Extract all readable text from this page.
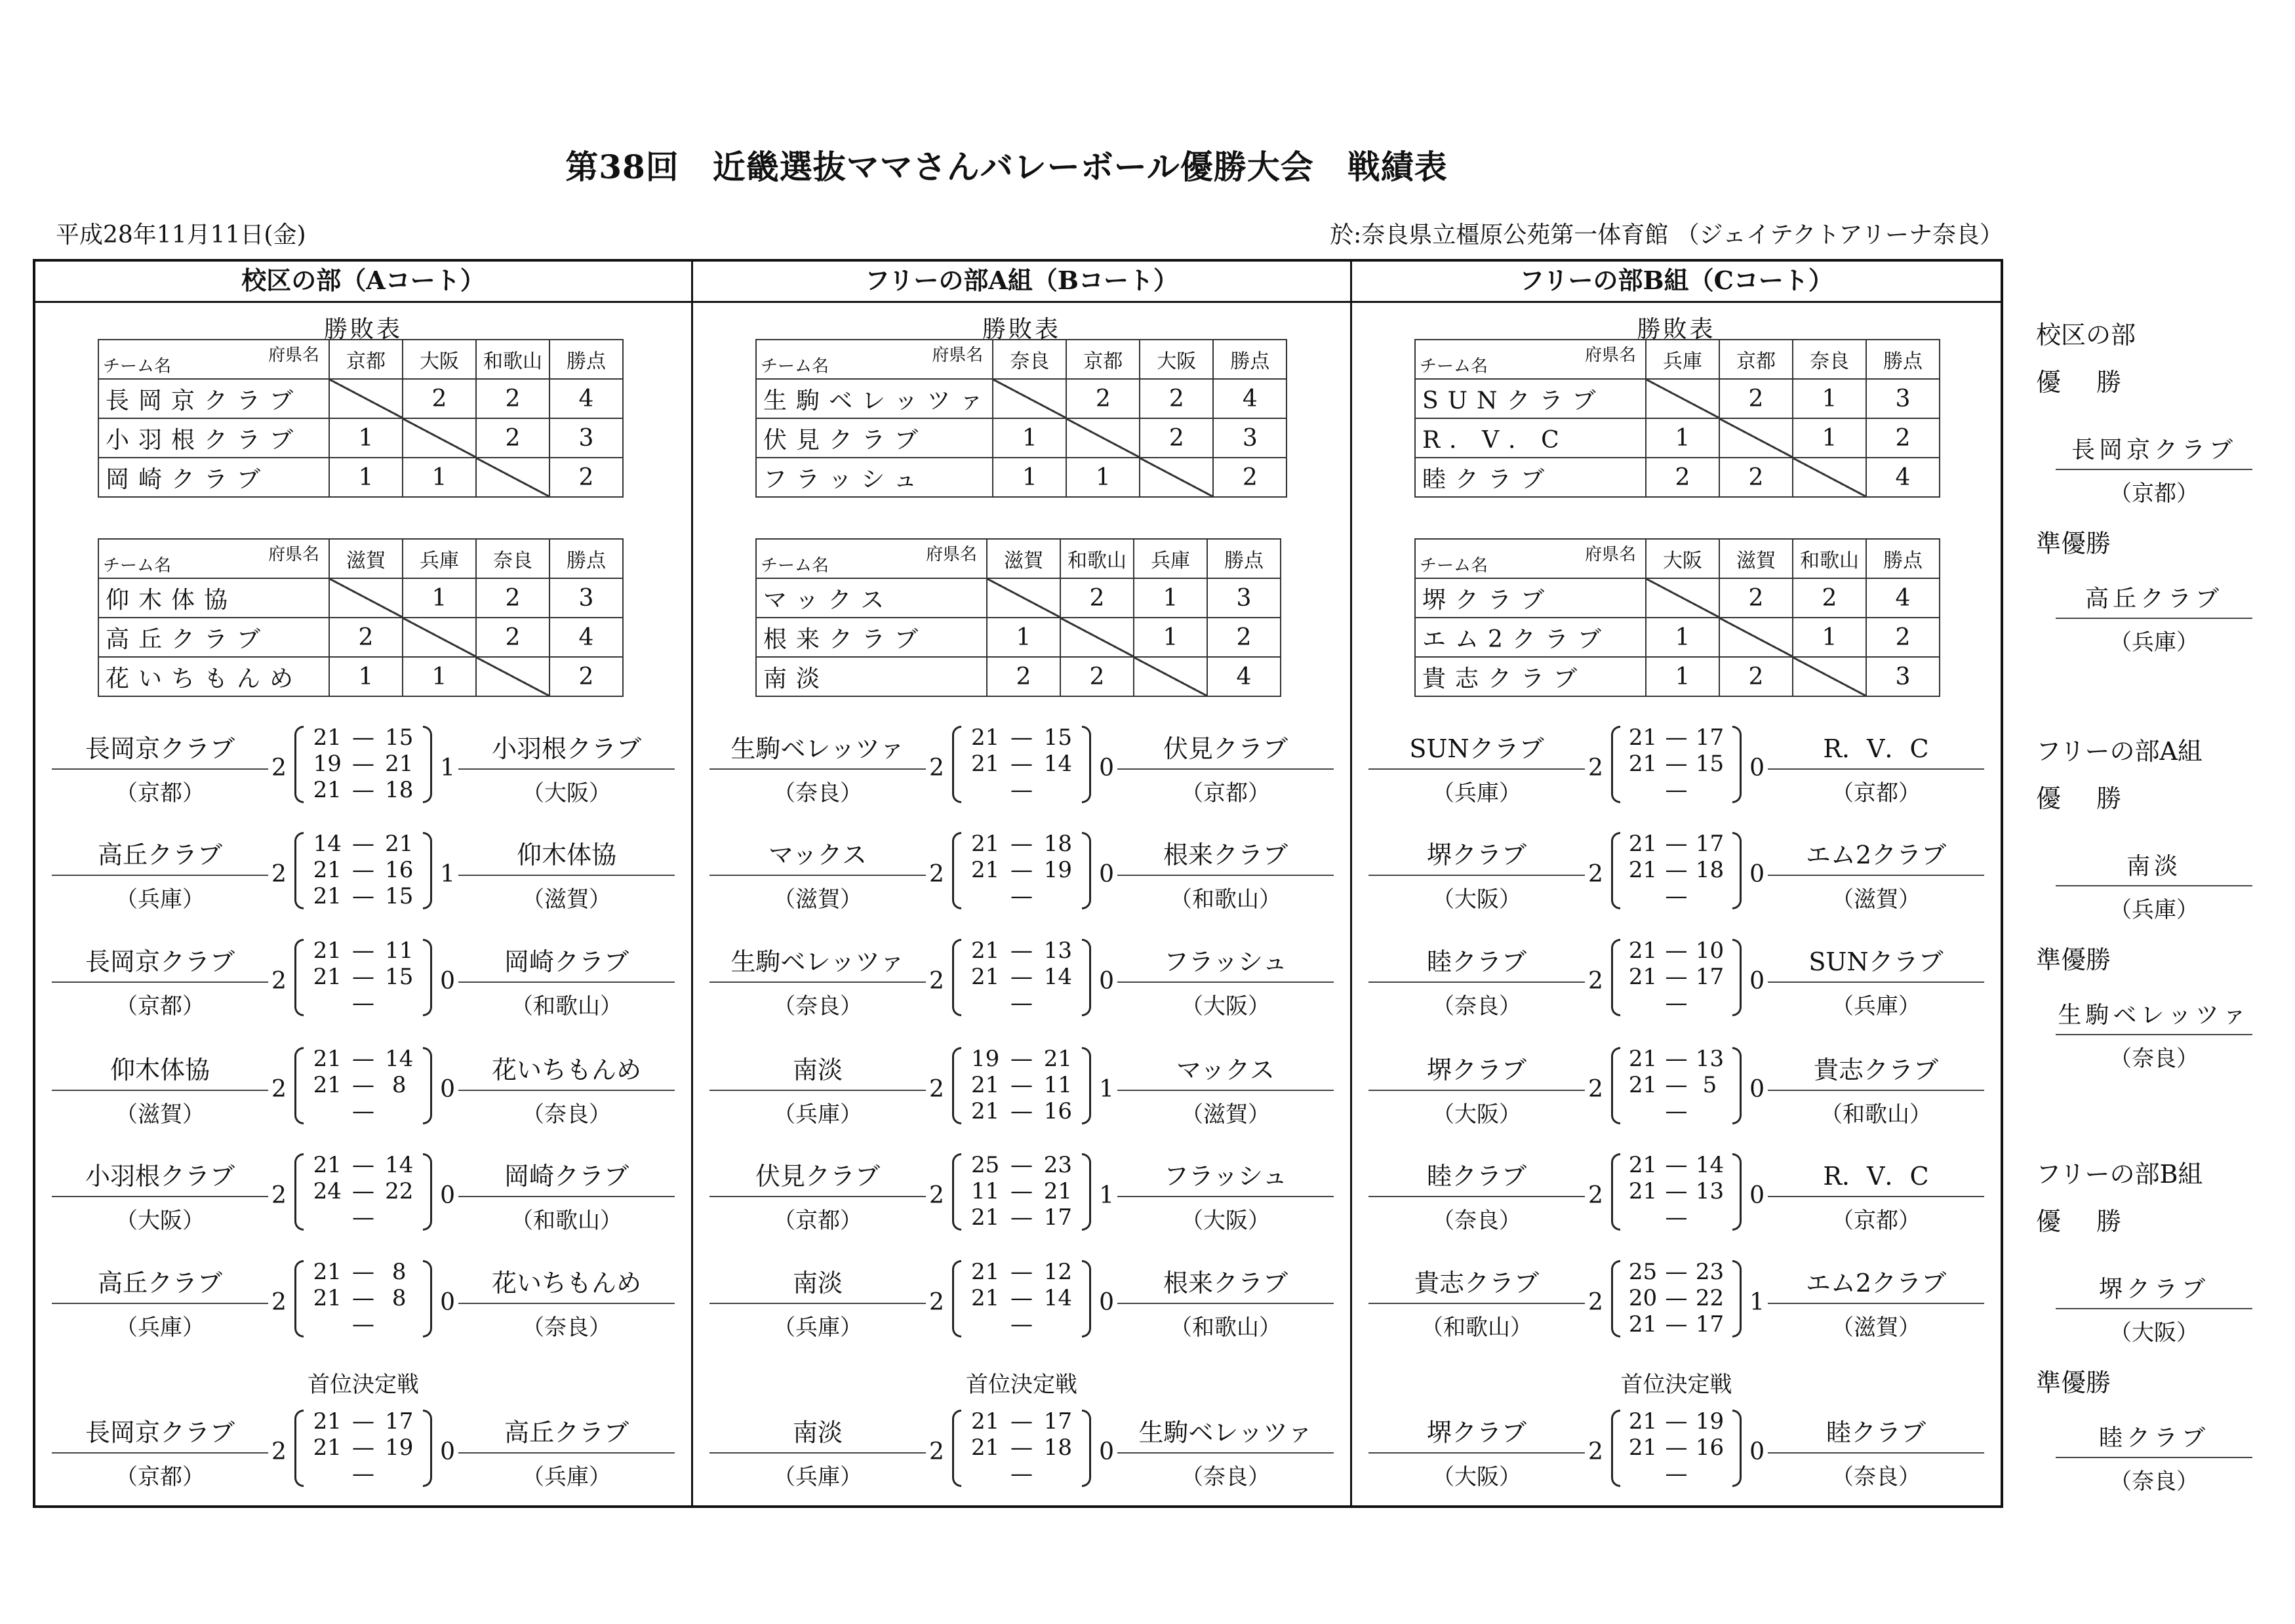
第38回　近畿選抜ママさんバレーボール優勝大会　戦績表
平成28年11月11日(金)	於:奈良県立橿原公苑第一体育館 （ジェイテクトアリーナ奈良）
校区の部（Aコート）
勝敗表
府県名
チーム名	京都	大阪	和歌山	勝点
長岡京クラブ		2	2	4
小羽根クラブ	1		2	3
岡崎クラブ	1	1		2
府県名
チーム名	滋賀	兵庫	奈良	勝点
仰木体協		1	2	3
高丘クラブ	2		2	4
花いちもんめ	1	1		2
長岡京クラブ
（京都）
2
21 — 15
19 — 21
21 — 18
1
小羽根クラブ
（大阪）
高丘クラブ
（兵庫）
2
14 — 21
21 — 16
21 — 15
1
仰木体協
（滋賀）
長岡京クラブ
（京都）
2
21 — 11
21 — 15
—
0
岡崎クラブ
（和歌山）
仰木体協
（滋賀）
2
21 — 14
21 — 8
—
0
花いちもんめ
（奈良）
小羽根クラブ
（大阪）
2
21 — 14
24 — 22
—
0
岡崎クラブ
（和歌山）
高丘クラブ
（兵庫）
2
21 — 8
21 — 8
—
0
花いちもんめ
（奈良）
長岡京クラブ
（京都）
2
21 — 17
21 — 19
—
0
高丘クラブ
（兵庫）
首位決定戦
フリーの部A組（Bコート）
勝敗表
府県名
チーム名	奈良	京都	大阪	勝点
生駒ベレッツァ		2	2	4
伏見クラブ	1		2	3
フラッシュ	1	1		2
府県名
チーム名	滋賀	和歌山	兵庫	勝点
マックス		2	1	3
根来クラブ	1		1	2
南淡	2	2		4
生駒ベレッツァ
（奈良）
2
21 — 15
21 — 14
—
0
伏見クラブ
（京都）
マックス
（滋賀）
2
21 — 18
21 — 19
—
0
根来クラブ
（和歌山）
生駒ベレッツァ
（奈良）
2
21 — 13
21 — 14
—
0
フラッシュ
（大阪）
南淡
（兵庫）
2
19 — 21
21 — 11
21 — 16
1
マックス
（滋賀）
伏見クラブ
（京都）
2
25 — 23
11 — 21
21 — 17
1
フラッシュ
（大阪）
南淡
（兵庫）
2
21 — 12
21 — 14
—
0
根来クラブ
（和歌山）
南淡
（兵庫）
2
21 — 17
21 — 18
—
0
生駒ベレッツァ
（奈良）
首位決定戦
フリーの部B組（Cコート）
勝敗表
府県名
チーム名	兵庫	京都	奈良	勝点
SUNクラブ		2	1	3
R．V．C	1		1	2
睦クラブ	2	2		4
府県名
チーム名	大阪	滋賀	和歌山	勝点
堺クラブ		2	2	4
エム2クラブ	1		1	2
貴志クラブ	1	2		3
SUNクラブ
（兵庫）
2
21 — 17
21 — 15
—
0
R．V．C
（京都）
堺クラブ
（大阪）
2
21 — 17
21 — 18
—
0
エム2クラブ
（滋賀）
睦クラブ
（奈良）
2
21 — 10
21 — 17
—
0
SUNクラブ
（兵庫）
堺クラブ
（大阪）
2
21 — 13
21 — 5
—
0
貴志クラブ
（和歌山）
睦クラブ
（奈良）
2
21 — 14
21 — 13
—
0
R．V．C
（京都）
貴志クラブ
（和歌山）
2
25 — 23
20 — 22
21 — 17
1
エム2クラブ
（滋賀）
堺クラブ
（大阪）
2
21 — 19
21 — 16
—
0
睦クラブ
（奈良）
首位決定戦
校区の部
優　勝
長岡京クラブ
（京都）
準優勝
高丘クラブ
（兵庫）
フリーの部A組
優　勝
南淡
（兵庫）
準優勝
生駒ベレッツァ
（奈良）
フリーの部B組
優　勝
堺クラブ
（大阪）
準優勝
睦クラブ
（奈良）
